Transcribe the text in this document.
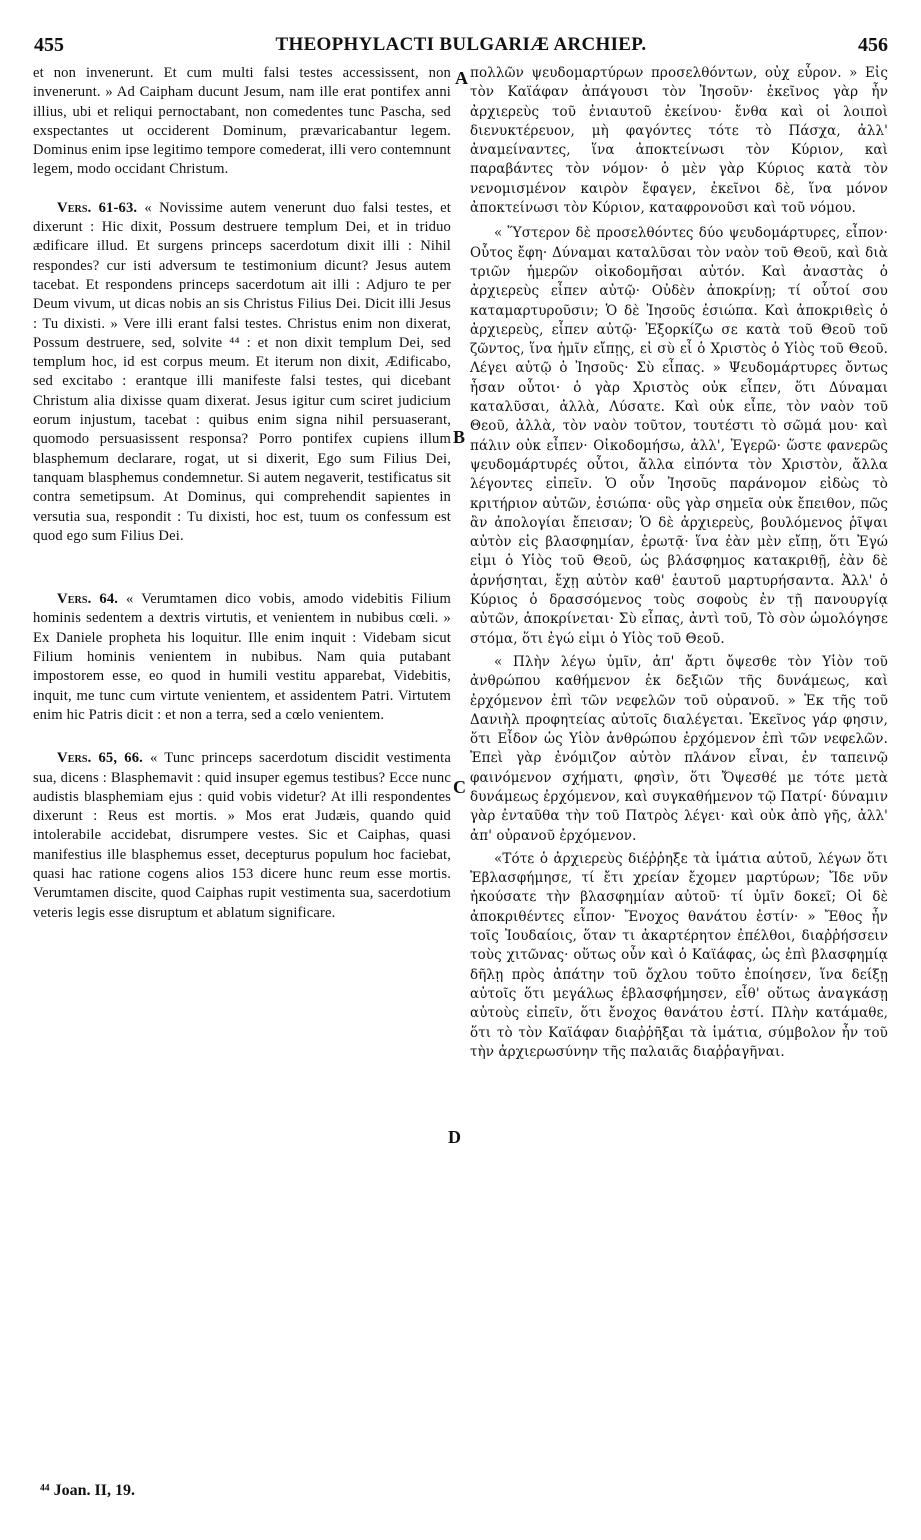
455	THEOPHYLACTI BULGARIÆ ARCHIEP.	456

et non invenerunt. Et cum multi falsi testes accessissent, non invenerunt. » Ad Caipham ducunt Jesum, nam ille erat pontifex anni illius, ubi et reliqui pernoctabant, non comedentes tunc Pascha, sed exspectantes ut occiderent Dominum, prævaricabantur legem. Dominus enim ipse legitimo tempore comederat, illi vero contemnunt legem, modo occidant Christum.

Vers. 61-63. « Novissime autem venerunt duo falsi testes, et dixerunt : Hic dixit, Possum destruere templum Dei, et in triduo ædificare illud. Et surgens princeps sacerdotum dixit illi : Nihil respondes? cur isti adversum te testimonium dicunt? Jesus autem tacebat. Et respondens princeps sacerdotum ait illi : Adjuro te per Deum vivum, ut dicas nobis an sis Christus Filius Dei. Dicit illi Jesus : Tu dixisti. » Vere illi erant falsi testes. Christus enim non dixerat, Possum destruere, sed, solvite ⁴⁴ : et non dixit templum Dei, sed templum hoc, id est corpus meum. Et iterum non dixit, Ædificabo, sed excitabo : erantque illi manifeste falsi testes, qui dicebant Christum alia dixisse quam dixerat. Jesus igitur cum sciret judicium eorum injustum, tacebat : quibus enim signa nihil persuaserant, quomodo persuasissent responsa? Porro pontifex cupiens illum blasphemum declarare, rogat, ut si dixerit, Ego sum Filius Dei, tanquam blasphemus condemnetur. Si autem negaverit, testificatus sit contra semetipsum. At Dominus, qui comprehendit sapientes in versutia sua, respondit : Tu dixisti, hoc est, tuum os confessum est quod ego sum Filius Dei.

Vers. 64. « Verumtamen dico vobis, amodo videbitis Filium hominis sedentem a dextris virtutis, et venientem in nubibus cœli. » Ex Daniele propheta his loquitur. Ille enim inquit : Videbam sicut Filium hominis venientem in nubibus. Nam quia putabant impostorem esse, eo quod in humili vestitu apparebat, Videbitis, inquit, me tunc cum virtute venientem, et assidentem Patri. Virtutem enim hic Patris dicit : et non a terra, sed a cœlo venientem.

Vers. 65, 66. « Tunc princeps sacerdotum discidit vestimenta sua, dicens : Blasphemavit : quid insuper egemus testibus? Ecce nunc audistis blasphemiam ejus : quid vobis videtur? At illi respondentes dixerunt : Reus est mortis. » Mos erat Judæis, quando quid intolerabile accidebat, disrumpere vestes. Sic et Caiphas, quasi manifestius ille blasphemus esset, decepturus populum hoc faciebat, quasi hac ratione cogens alios 153 dicere hunc reum esse mortis. Verumtamen discite, quod Caiphas rupit vestimenta sua, sacerdotium veteris legis esse disruptum et ablatum significare.

πολλῶν ψευδομαρτύρων προσελθόντων, οὐχ εὗρον. » Εἰς τὸν Καϊάφαν ἀπάγουσι τὸν Ἰησοῦν· ἐκεῖνος γὰρ ἦν ἀρχιερεὺς τοῦ ἐνιαυτοῦ ἐκείνου· ἔνθα καὶ οἱ λοιποὶ διενυκτέρευον, μὴ φαγόντες τότε τὸ Πάσχα, ἀλλ' ἀναμείναντες, ἵνα ἀποκτείνωσι τὸν Κύριον, καὶ παραβάντες τὸν νόμον· ὁ μὲν γὰρ Κύριος κατὰ τὸν νενομισμένον καιρὸν ἔφαγεν, ἐκεῖνοι δὲ, ἵνα μόνον ἀποκτείνωσι τὸν Κύριον, καταφρονοῦσι καὶ τοῦ νόμου.

« Ὕστερον δὲ προσελθόντες δύο ψευδομάρτυρες, εἶπον· Οὗτος ἔφη· Δύναμαι καταλῦσαι τὸν ναὸν τοῦ Θεοῦ, καὶ διὰ τριῶν ἡμερῶν οἰκοδομῆσαι αὐτόν. Καὶ ἀναστὰς ὁ ἀρχιερεὺς εἶπεν αὐτῷ· Οὐδὲν ἀποκρίνῃ; τί οὗτοί σου καταμαρτυροῦσιν; Ὁ δὲ Ἰησοῦς ἐσιώπα. Καὶ ἀποκριθεὶς ὁ ἀρχιερεὺς, εἶπεν αὐτῷ· Ἐξορκίζω σε κατὰ τοῦ Θεοῦ τοῦ ζῶντος, ἵνα ἡμῖν εἴπῃς, εἰ σὺ εἶ ὁ Χριστὸς ὁ Υἱὸς τοῦ Θεοῦ. Λέγει αὐτῷ ὁ Ἰησοῦς· Σὺ εἶπας. » Ψευδομάρτυρες ὄντως ἦσαν οὗτοι· ὁ γὰρ Χριστὸς οὐκ εἶπεν, ὅτι Δύναμαι καταλῦσαι, ἀλλὰ, Λύσατε. Καὶ οὐκ εἶπε, τὸν ναὸν τοῦ Θεοῦ, ἀλλὰ, τὸν ναὸν τοῦτον, τουτέστι τὸ σῶμά μου· καὶ πάλιν οὐκ εἶπεν· Οἰκοδομήσω, ἀλλ', Ἐγερῶ· ὥστε φανερῶς ψευδομάρτυρές οὗτοι, ἄλλα εἰπόντα τὸν Χριστὸν, ἄλλα λέγοντες εἰπεῖν. Ὁ οὖν Ἰησοῦς παράνομον εἰδὼς τὸ κριτήριον αὐτῶν, ἐσιώπα· οὓς γὰρ σημεῖα οὐκ ἔπειθον, πῶς ἂν ἀπολογίαι ἔπεισαν; Ὁ δὲ ἀρχιερεὺς, βουλόμενος ῥῖψαι αὐτὸν εἰς βλασφημίαν, ἐρωτᾷ· ἵνα ἐὰν μὲν εἴπῃ, ὅτι Ἐγώ εἰμι ὁ Υἱὸς τοῦ Θεοῦ, ὡς βλάσφημος κατακριθῇ, ἐὰν δὲ ἀρνήσηται, ἔχῃ αὐτὸν καθ' ἑαυτοῦ μαρτυρήσαντα. Ἀλλ' ὁ Κύριος ὁ δρασσόμενος τοὺς σοφοὺς ἐν τῇ πανουργίᾳ αὐτῶν, ἀποκρίνεται· Σὺ εἶπας, ἀντὶ τοῦ, Τὸ σὸν ὡμολόγησε στόμα, ὅτι ἐγώ εἰμι ὁ Υἱὸς τοῦ Θεοῦ.

« Πλὴν λέγω ὑμῖν, ἀπ' ἄρτι ὄψεσθε τὸν Υἱὸν τοῦ ἀνθρώπου καθήμενον ἐκ δεξιῶν τῆς δυνάμεως, καὶ ἐρχόμενον ἐπὶ τῶν νεφελῶν τοῦ οὐρανοῦ. » Ἐκ τῆς τοῦ Δανιὴλ προφητείας αὐτοῖς διαλέγεται. Ἐκεῖνος γάρ φησιν, ὅτι Εἶδον ὡς Υἱὸν ἀνθρώπου ἐρχόμενον ἐπὶ τῶν νεφελῶν. Ἐπεὶ γὰρ ἐνόμιζον αὐτὸν πλάνον εἶναι, ἐν ταπεινῷ φαινόμενον σχήματι, φησὶν, ὅτι Ὄψεσθέ με τότε μετὰ δυνάμεως ἐρχόμενον, καὶ συγκαθήμενον τῷ Πατρί· δύναμιν γὰρ ἐνταῦθα τὴν τοῦ Πατρὸς λέγει· καὶ οὐκ ἀπὸ γῆς, ἀλλ' ἀπ' οὐρανοῦ ἐρχόμενον.

«Τότε ὁ ἀρχιερεὺς διέῤῥηξε τὰ ἱμάτια αὐτοῦ, λέγων ὅτι Ἐβλασφήμησε, τί ἔτι χρείαν ἔχομεν μαρτύρων; Ἴδε νῦν ἠκούσατε τὴν βλασφημίαν αὐτοῦ· τί ὑμῖν δοκεῖ; Οἱ δὲ ἀποκριθέντες εἶπον· Ἔνοχος θανάτου ἐστίν· » Ἔθος ἦν τοῖς Ἰουδαίοις, ὅταν τι ἀκαρτέρητον ἐπέλθοι, διαῤῥήσσειν τοὺς χιτῶνας· οὕτως οὖν καὶ ὁ Καϊάφας, ὡς ἐπὶ βλασφημίᾳ δῆλῃ πρὸς ἀπάτην τοῦ ὄχλου τοῦτο ἐποίησεν, ἵνα δείξῃ αὐτοῖς ὅτι μεγάλως ἐβλασφήμησεν, εἶθ' οὕτως ἀναγκάσῃ αὐτοὺς εἰπεῖν, ὅτι ἔνοχος θανάτου ἐστί. Πλὴν κατάμαθε, ὅτι τὸ τὸν Καϊάφαν διαῤῥῆξαι τὰ ἱμάτια, σύμβολον ἦν τοῦ τὴν ἀρχιερωσύνην τῆς παλαιᾶς διαῤῥαγῆναι.

A
B
C
D
⁴⁴ Joan. II, 19.
